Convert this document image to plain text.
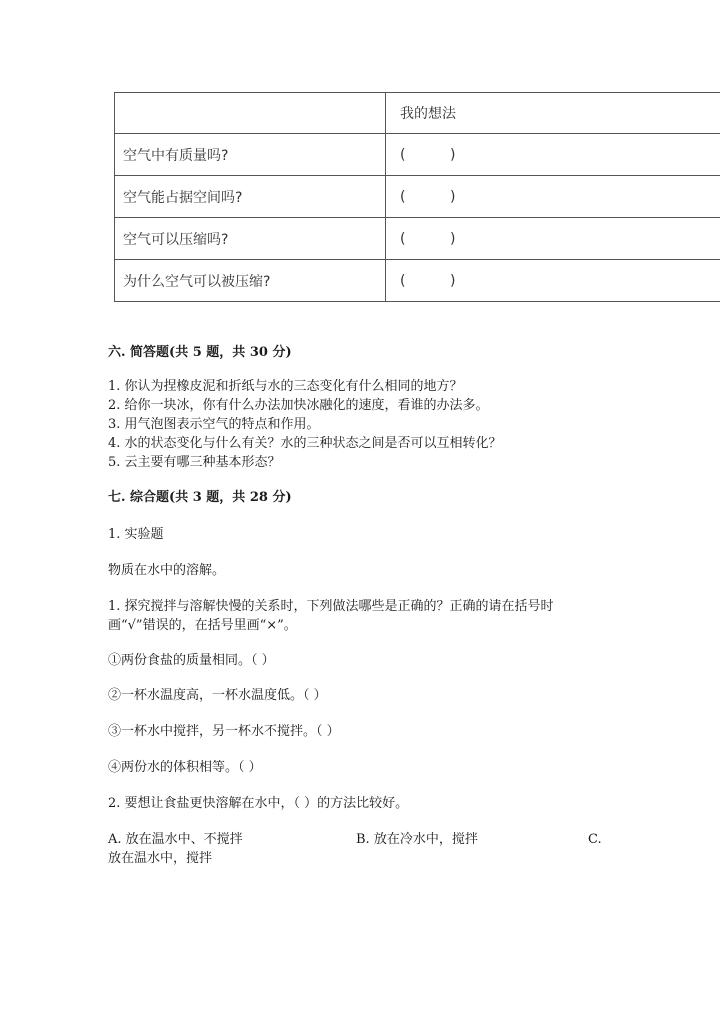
	我的想法
空气中有质量吗?	(          )
空气能占据空间吗?	(          )
空气可以压缩吗?	(          )
为什么空气可以被压缩?	(          )
六. 简答题(共 5 题，共 30 分)
1. 你认为捏橡皮泥和折纸与水的三态变化有什么相同的地方？
2. 给你一块冰，你有什么办法加快冰融化的速度，看谁的办法多。
3. 用气泡图表示空气的特点和作用。
4. 水的状态变化与什么有关？水的三种状态之间是否可以互相转化？
5. 云主要有哪三种基本形态？
七. 综合题(共 3 题，共 28 分)
1. 实验题
物质在水中的溶解。
1. 探究搅拌与溶解快慢的关系时，下列做法哪些是正确的？正确的请在括号时
画“√”错误的，在括号里画“×”。
①两份食盐的质量相同。（ ）
②一杯水温度高，一杯水温度低。（ ）
③一杯水中搅拌，另一杯水不搅拌。（ ）
④两份水的体积相等。（ ）
2. 要想让食盐更快溶解在水中，（ ）的方法比较好。
A. 放在温水中、不搅拌	B. 放在冷水中，搅拌	C.
放在温水中，搅拌
